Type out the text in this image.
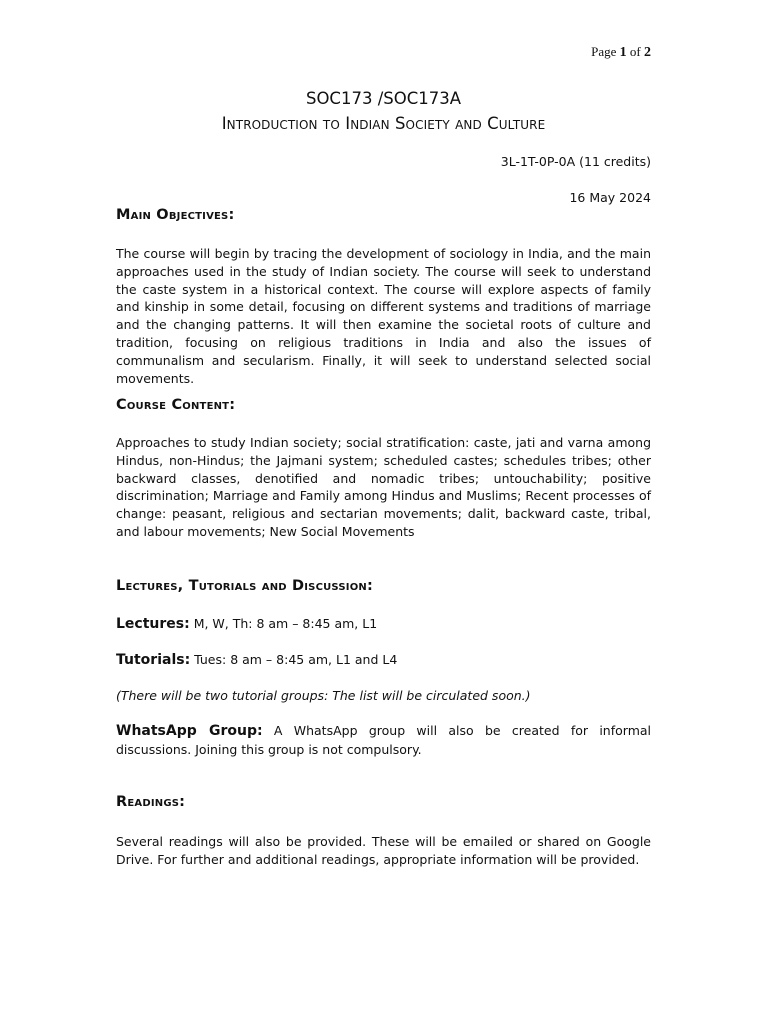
Page 1 of 2
SOC173 /SOC173A
Introduction to Indian Society and Culture
3L-1T-0P-0A (11 credits)
16 May 2024
Main Objectives:
The course will begin by tracing the development of sociology in India, and the main approaches used in the study of Indian society. The course will seek to understand the caste system in a historical context. The course will explore aspects of family and kinship in some detail, focusing on different systems and traditions of marriage and the changing patterns. It will then examine the societal roots of culture and tradition, focusing on religious traditions in India and also the issues of communalism and secularism. Finally, it will seek to understand selected social movements.
Course Content:
Approaches to study Indian society; social stratification: caste, jati and varna among Hindus, non-Hindus; the Jajmani system; scheduled castes; schedules tribes; other backward classes, denotified and nomadic tribes; untouchability; positive discrimination; Marriage and Family among Hindus and Muslims; Recent processes of change: peasant, religious and sectarian movements; dalit, backward caste, tribal, and labour movements; New Social Movements
Lectures, Tutorials and Discussion:
Lectures: M, W, Th: 8 am – 8:45 am, L1
Tutorials: Tues: 8 am – 8:45 am, L1 and L4
(There will be two tutorial groups: The list will be circulated soon.)
WhatsApp Group: A WhatsApp group will also be created for informal discussions. Joining this group is not compulsory.
Readings:
Several readings will also be provided. These will be emailed or shared on Google Drive. For further and additional readings, appropriate information will be provided.
